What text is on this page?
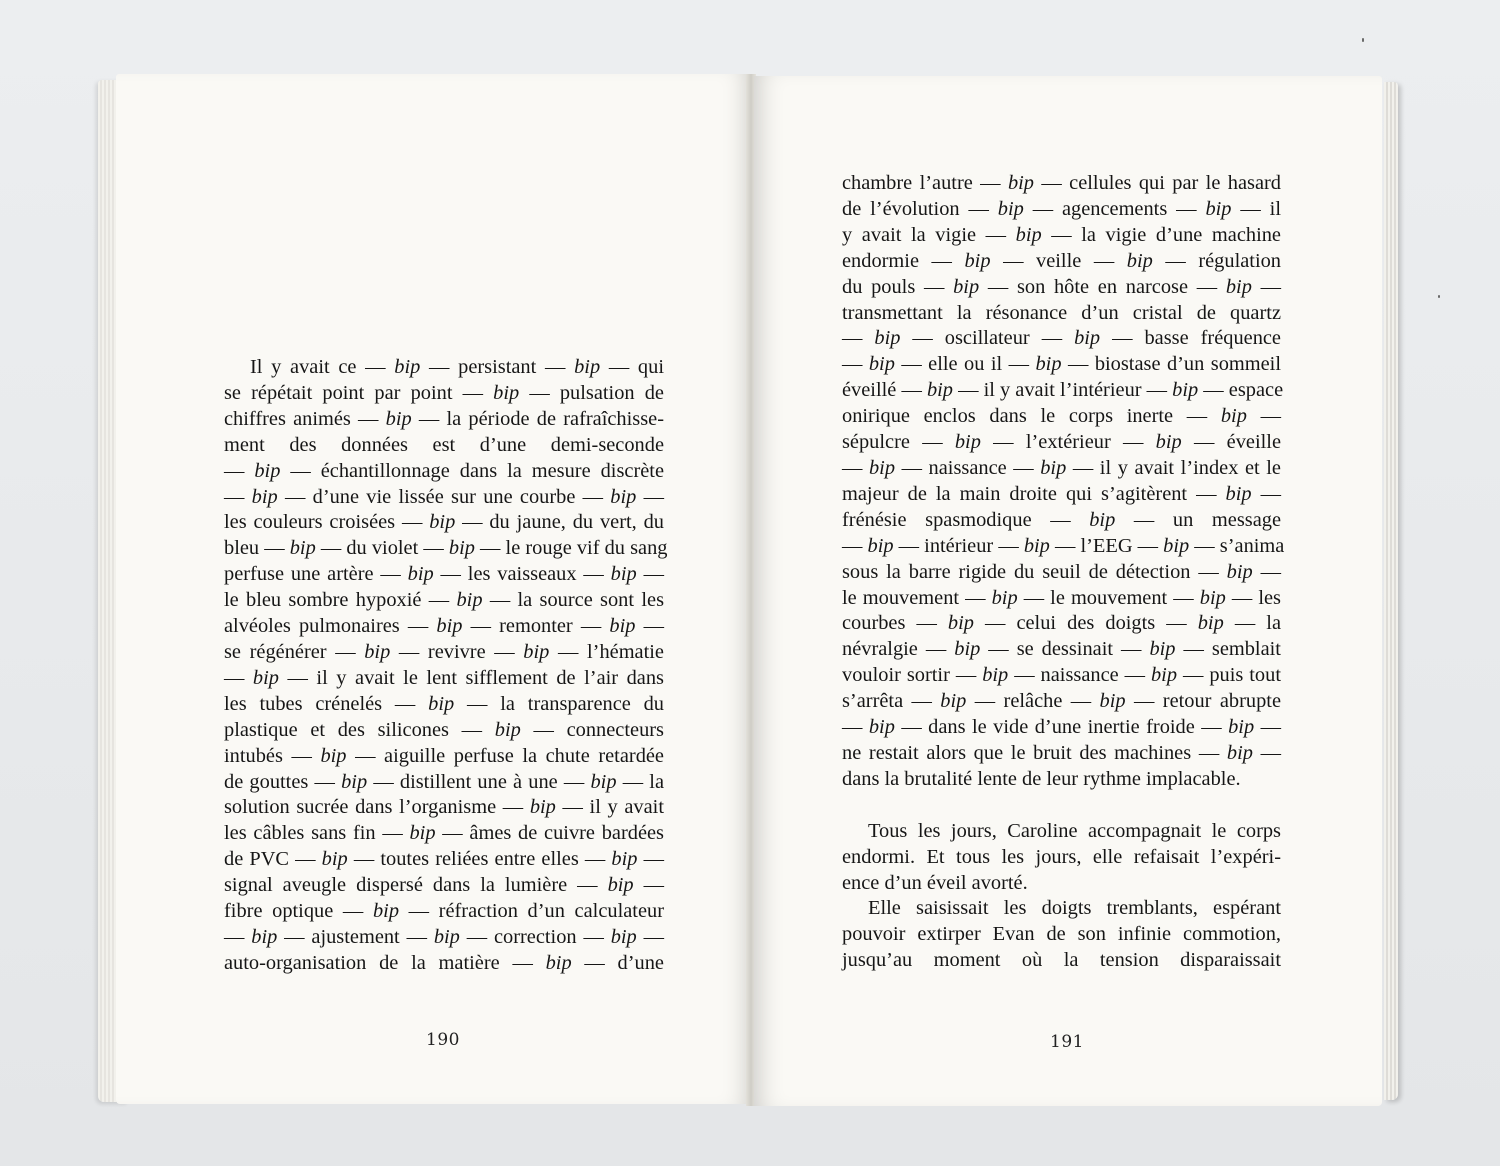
Il y avait ce — bip — persistant — bip — qui
se répétait point par point — bip — pulsation de
chiffres animés — bip — la période de rafraîchisse-
ment des données est d’une demi-seconde
— bip — échantillonnage dans la mesure discrète
— bip — d’une vie lissée sur une courbe — bip —
les couleurs croisées — bip — du jaune, du vert, du
bleu — bip — du violet — bip — le rouge vif du sang
perfuse une artère — bip — les vaisseaux — bip —
le bleu sombre hypoxié — bip — la source sont les
alvéoles pulmonaires — bip — remonter — bip —
se régénérer — bip — revivre — bip — l’hématie
— bip — il y avait le lent sifflement de l’air dans
les tubes crénelés — bip — la transparence du
plastique et des silicones — bip — connecteurs
intubés — bip — aiguille perfuse la chute retardée
de gouttes — bip — distillent une à une — bip — la
solution sucrée dans l’organisme — bip — il y avait
les câbles sans fin — bip — âmes de cuivre bardées
de PVC — bip — toutes reliées entre elles — bip —
signal aveugle dispersé dans la lumière — bip —
fibre optique — bip — réfraction d’un calculateur
— bip — ajustement — bip — correction — bip —
auto-organisation de la matière — bip — d’une
190
chambre l’autre — bip — cellules qui par le hasard
de l’évolution — bip — agencements — bip — il
y avait la vigie — bip — la vigie d’une machine
endormie — bip — veille — bip — régulation
du pouls — bip — son hôte en narcose — bip —
transmettant la résonance d’un cristal de quartz
— bip — oscillateur — bip — basse fréquence
— bip — elle ou il — bip — biostase d’un sommeil
éveillé — bip — il y avait l’intérieur — bip — espace
onirique enclos dans le corps inerte — bip —
sépulcre — bip — l’extérieur — bip — éveille
— bip — naissance — bip — il y avait l’index et le
majeur de la main droite qui s’agitèrent — bip —
frénésie spasmodique — bip — un message
— bip — intérieur — bip — l’EEG — bip — s’anima
sous la barre rigide du seuil de détection — bip —
le mouvement — bip — le mouvement — bip — les
courbes — bip — celui des doigts — bip — la
névralgie — bip — se dessinait — bip — semblait
vouloir sortir — bip — naissance — bip — puis tout
s’arrêta — bip — relâche — bip — retour abrupte
— bip — dans le vide d’une inertie froide — bip —
ne restait alors que le bruit des machines — bip —
dans la brutalité lente de leur rythme implacable.
Tous les jours, Caroline accompagnait le corps
endormi. Et tous les jours, elle refaisait l’expéri-
ence d’un éveil avorté.
Elle saisissait les doigts tremblants, espérant
pouvoir extirper Evan de son infinie commotion,
jusqu’au moment où la tension disparaissait
191
